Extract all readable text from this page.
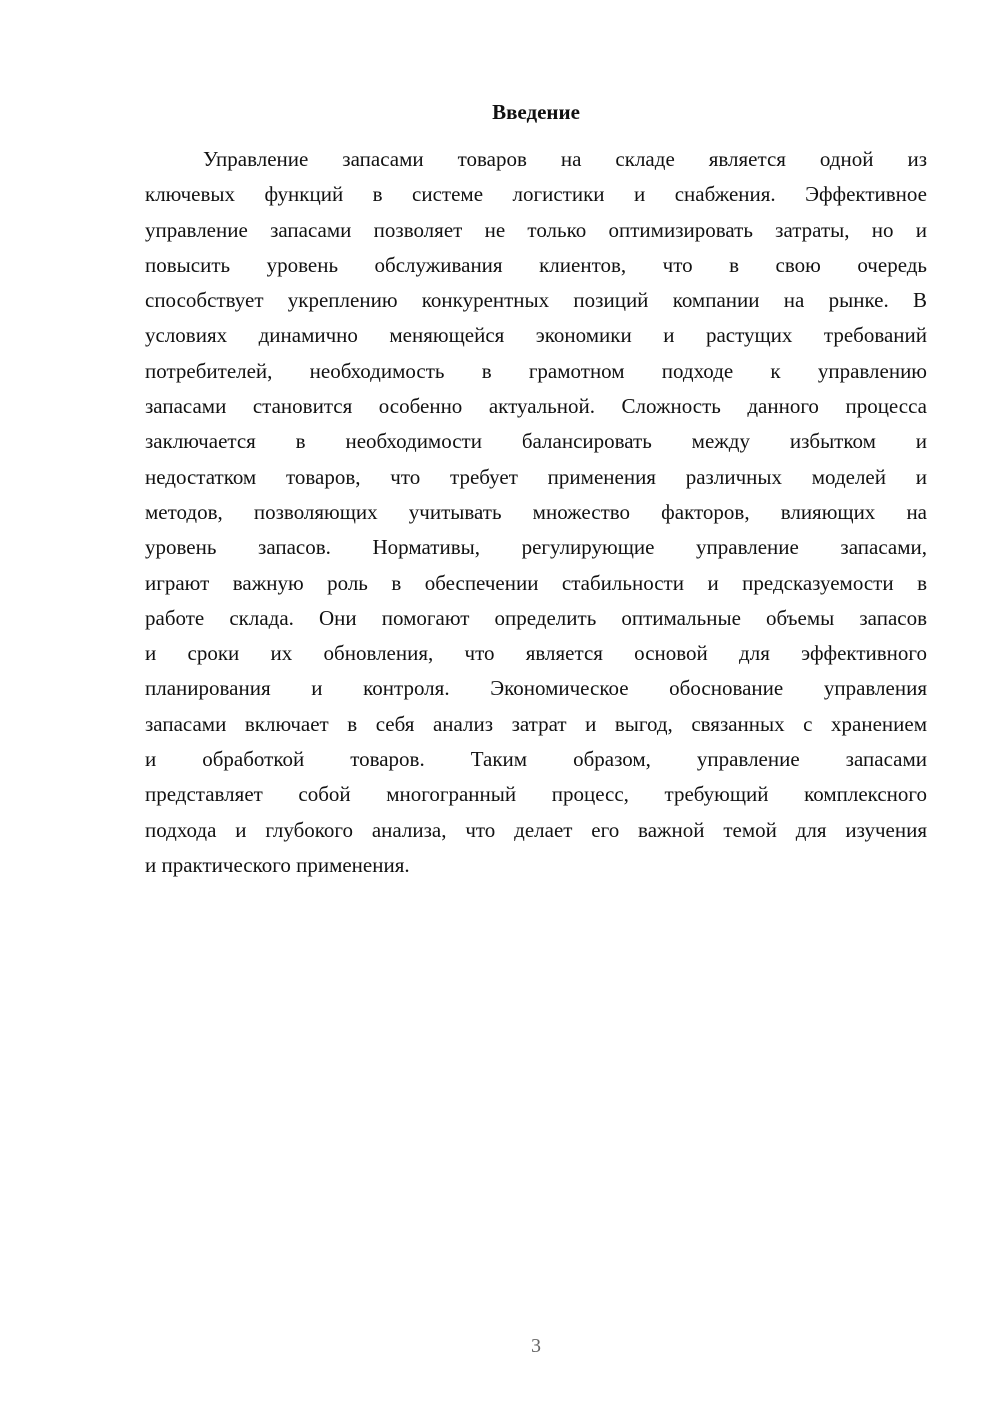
Введение
Управление запасами товаров на складе является одной из
ключевых функций в системе логистики и снабжения. Эффективное
управление запасами позволяет не только оптимизировать затраты, но и
повысить уровень обслуживания клиентов, что в свою очередь
способствует укреплению конкурентных позиций компании на рынке. В
условиях динамично меняющейся экономики и растущих требований
потребителей, необходимость в грамотном подходе к управлению
запасами становится особенно актуальной. Сложность данного процесса
заключается в необходимости балансировать между избытком и
недостатком товаров, что требует применения различных моделей и
методов, позволяющих учитывать множество факторов, влияющих на
уровень запасов. Нормативы, регулирующие управление запасами,
играют важную роль в обеспечении стабильности и предсказуемости в
работе склада. Они помогают определить оптимальные объемы запасов
и сроки их обновления, что является основой для эффективного
планирования и контроля. Экономическое обоснование управления
запасами включает в себя анализ затрат и выгод, связанных с хранением
и обработкой товаров. Таким образом, управление запасами
представляет собой многогранный процесс, требующий комплексного
подхода и глубокого анализа, что делает его важной темой для изучения
и практического применения.
3
